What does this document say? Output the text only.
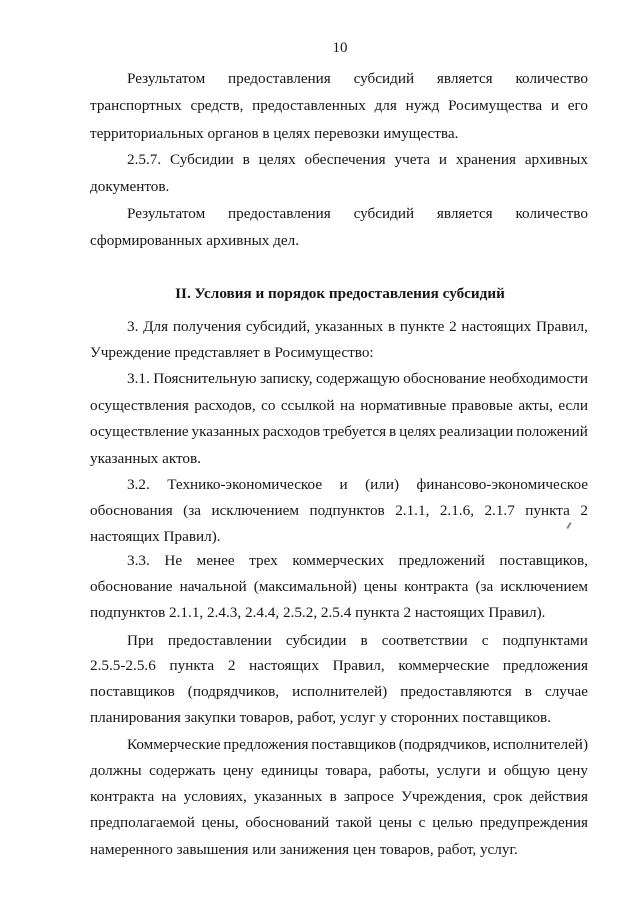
10
Результатом предоставления субсидий является количество
транспортных средств, предоставленных для нужд Росимущества и его
территориальных органов в целях перевозки имущества.
2.5.7. Субсидии в целях обеспечения учета и хранения архивных
документов.
Результатом предоставления субсидий является количество
сформированных архивных дел.
II. Условия и порядок предоставления субсидий
3. Для получения субсидий, указанных в пункте 2 настоящих Правил,
Учреждение представляет в Росимущество:
3.1. Пояснительную записку, содержащую обоснование необходимости
осуществления расходов, со ссылкой на нормативные правовые акты, если
осуществление указанных расходов требуется в целях реализации положений
указанных актов.
3.2. Технико-экономическое и (или) финансово-экономическое
обоснования (за исключением подпунктов 2.1.1, 2.1.6, 2.1.7 пункта 2
настоящих Правил).
3.3. Не менее трех коммерческих предложений поставщиков,
обоснование начальной (максимальной) цены контракта (за исключением
подпунктов 2.1.1, 2.4.3, 2.4.4, 2.5.2, 2.5.4 пункта 2 настоящих Правил).
При предоставлении субсидии в соответствии с подпунктами
2.5.5-2.5.6 пункта 2 настоящих Правил, коммерческие предложения
поставщиков (подрядчиков, исполнителей) предоставляются в случае
планирования закупки товаров, работ, услуг у сторонних поставщиков.
Коммерческие предложения поставщиков (подрядчиков, исполнителей)
должны содержать цену единицы товара, работы, услуги и общую цену
контракта на условиях, указанных в запросе Учреждения, срок действия
предполагаемой цены, обоснований такой цены с целью предупреждения
намеренного завышения или занижения цен товаров, работ, услуг.
